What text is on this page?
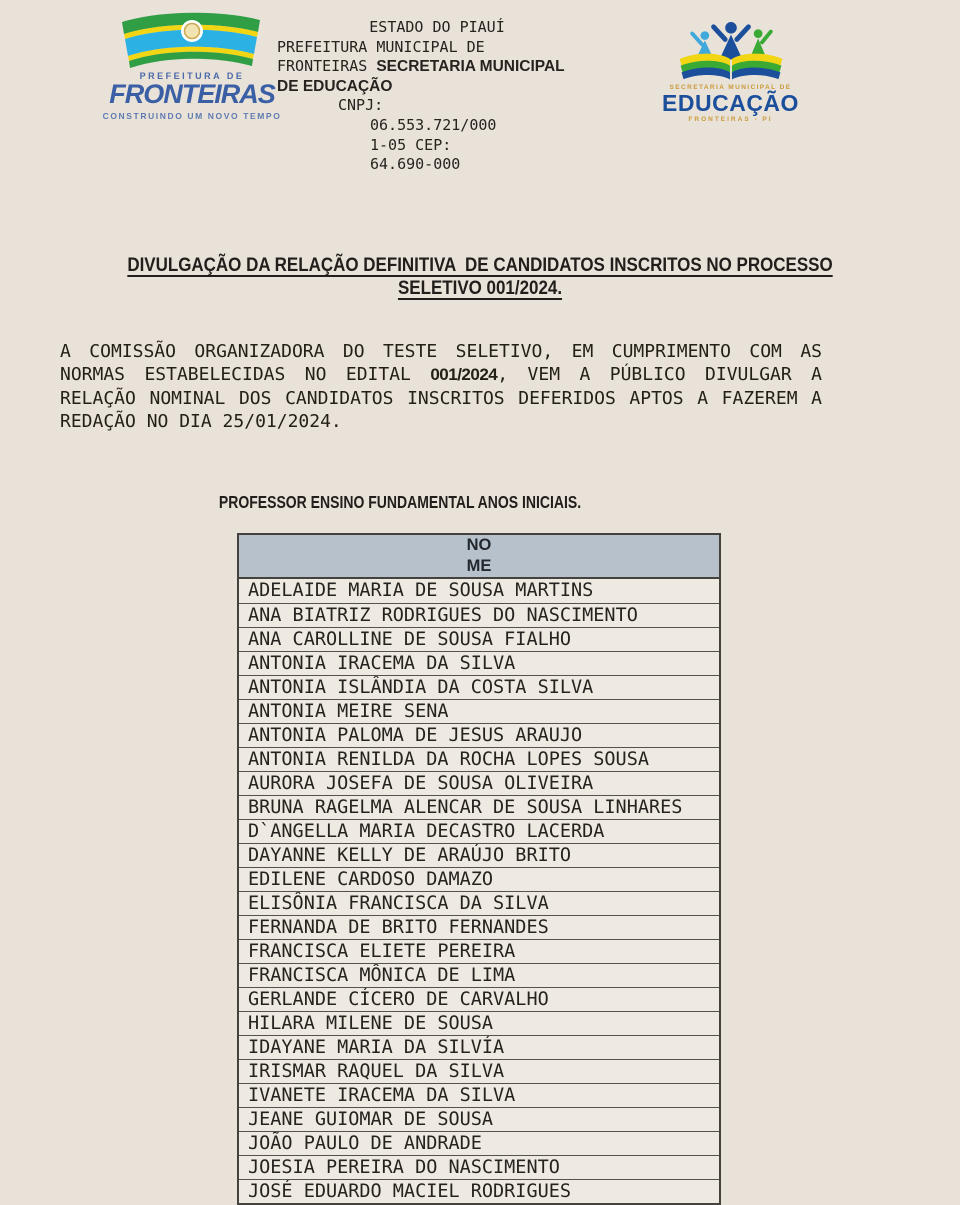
PREFEITURA DE
FRONTEIRAS
CONSTRUINDO UM NOVO TEMPO
ESTADO DO PIAUÍ
PREFEITURA MUNICIPAL DE
FRONTEIRAS SECRETARIA MUNICIPAL
DE EDUCAÇÃO
CNPJ:
06.553.721/000
1-05 CEP:
64.690-000
SECRETARIA MUNICIPAL DE
EDUCAÇÃO
FRONTEIRAS - PI
DIVULGAÇÃO DA RELAÇÃO DEFINITIVA  DE CANDIDATOS INSCRITOS NO PROCESSO
SELETIVO 001/2024.

A COMISSÃO ORGANIZADORA DO TESTE SELETIVO, EM CUMPRIMENTO COM AS NORMAS ESTABELECIDAS NO EDITAL 001/2024, VEM A PÚBLICO DIVULGAR A RELAÇÃO NOMINAL DOS CANDIDATOS INSCRITOS DEFERIDOS APTOS A FAZEREM A REDAÇÃO NO DIA 25/01/2024.

PROFESSOR ENSINO FUNDAMENTAL ANOS INICIAIS.
NO
ME
ADELAIDE MARIA DE SOUSA MARTINS
ANA BIATRIZ RODRIGUES DO NASCIMENTO
ANA CAROLLINE DE SOUSA FIALHO
ANTONIA IRACEMA DA SILVA
ANTONIA ISLÂNDIA DA COSTA SILVA
ANTONIA MEIRE SENA
ANTONIA PALOMA DE JESUS ARAUJO
ANTONIA RENILDA DA ROCHA LOPES SOUSA
AURORA JOSEFA DE SOUSA OLIVEIRA
BRUNA RAGELMA ALENCAR DE SOUSA LINHARES
D`ANGELLA MARIA DECASTRO LACERDA
DAYANNE KELLY DE ARAÚJO BRITO
EDILENE CARDOSO DAMAZO
ELISÔNIA FRANCISCA DA SILVA
FERNANDA DE BRITO FERNANDES
FRANCISCA ELIETE PEREIRA
FRANCISCA MÔNICA DE LIMA
GERLANDE CÍCERO DE CARVALHO
HILARA MILENE DE SOUSA
IDAYANE MARIA DA SILVÍA
IRISMAR RAQUEL DA SILVA
IVANETE IRACEMA DA SILVA
JEANE GUIOMAR DE SOUSA
JOÃO PAULO DE ANDRADE
JOESIA PEREIRA DO NASCIMENTO
JOSÉ EDUARDO MACIEL RODRIGUES
